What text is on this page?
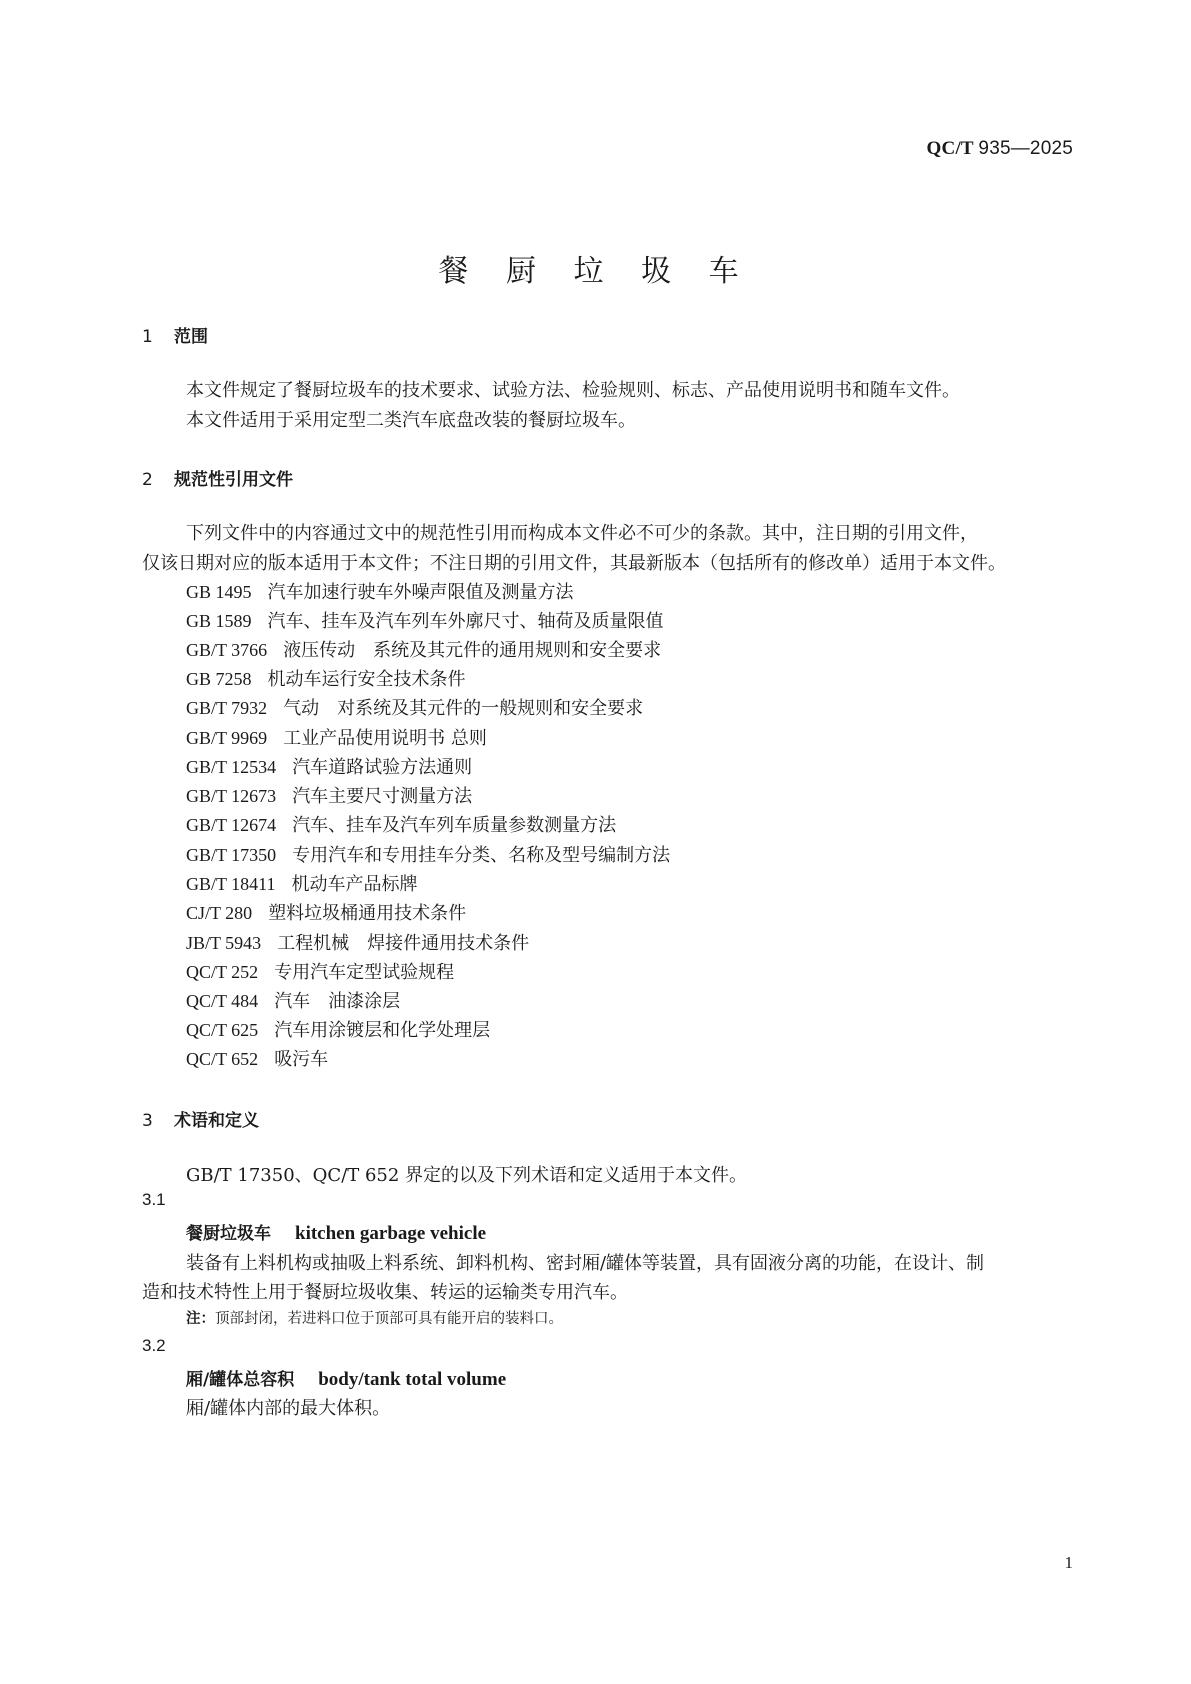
QC/T 935—2025
餐 厨 垃 圾 车
1 范围
本文件规定了餐厨垃圾车的技术要求、试验方法、检验规则、标志、产品使用说明书和随车文件。
本文件适用于采用定型二类汽车底盘改装的餐厨垃圾车。
2 规范性引用文件
下列文件中的内容通过文中的规范性引用而构成本文件必不可少的条款。其中，注日期的引用文件，
仅该日期对应的版本适用于本文件；不注日期的引用文件，其最新版本（包括所有的修改单）适用于本文件。
GB 1495 汽车加速行驶车外噪声限值及测量方法
GB 1589 汽车、挂车及汽车列车外廓尺寸、轴荷及质量限值
GB/T 3766 液压传动　系统及其元件的通用规则和安全要求
GB 7258 机动车运行安全技术条件
GB/T 7932 气动　对系统及其元件的一般规则和安全要求
GB/T 9969 工业产品使用说明书 总则
GB/T 12534 汽车道路试验方法通则
GB/T 12673 汽车主要尺寸测量方法
GB/T 12674 汽车、挂车及汽车列车质量参数测量方法
GB/T 17350 专用汽车和专用挂车分类、名称及型号编制方法
GB/T 18411 机动车产品标牌
CJ/T 280 塑料垃圾桶通用技术条件
JB/T 5943 工程机械　焊接件通用技术条件
QC/T 252 专用汽车定型试验规程
QC/T 484 汽车　油漆涂层
QC/T 625 汽车用涂镀层和化学处理层
QC/T 652 吸污车
3 术语和定义
GB/T 17350、QC/T 652 界定的以及下列术语和定义适用于本文件。
3.1
餐厨垃圾车 kitchen garbage vehicle
装备有上料机构或抽吸上料系统、卸料机构、密封厢/罐体等装置，具有固液分离的功能，在设计、制
造和技术特性上用于餐厨垃圾收集、转运的运输类专用汽车。
注：顶部封闭，若进料口位于顶部可具有能开启的装料口。
3.2
厢/罐体总容积 body/tank total volume
厢/罐体内部的最大体积。
1
